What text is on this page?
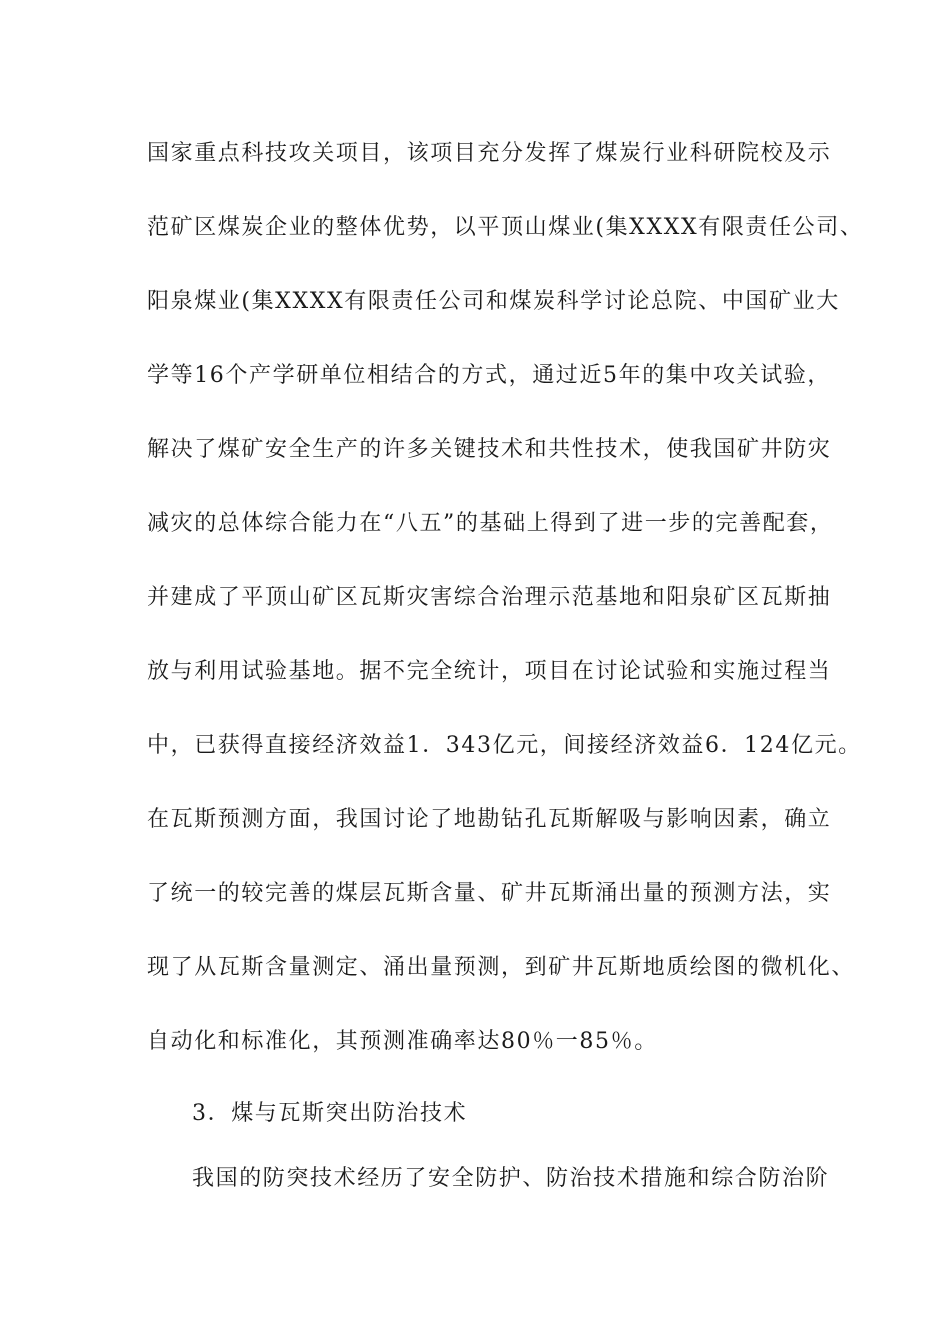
国家重点科技攻关项目，该项目充分发挥了煤炭行业科研院校及示
范矿区煤炭企业的整体优势，以平顶山煤业(集XXXX有限责任公司、
阳泉煤业(集XXXX有限责任公司和煤炭科学讨论总院、中国矿业大
学等16个产学研单位相结合的方式，通过近5年的集中攻关试验，
解决了煤矿安全生产的许多关键技术和共性技术，使我国矿井防灾
减灾的总体综合能力在“八五”的基础上得到了进一步的完善配套，
并建成了平顶山矿区瓦斯灾害综合治理示范基地和阳泉矿区瓦斯抽
放与利用试验基地。据不完全统计，项目在讨论试验和实施过程当
中，已获得直接经济效益1．343亿元，间接经济效益6．124亿元。
在瓦斯预测方面，我国讨论了地勘钻孔瓦斯解吸与影响因素，确立
了统一的较完善的煤层瓦斯含量、矿井瓦斯涌出量的预测方法，实
现了从瓦斯含量测定、涌出量预测，到矿井瓦斯地质绘图的微机化、
自动化和标准化，其预测准确率达80％一85％。
3．煤与瓦斯突出防治技术
我国的防突技术经历了安全防护、防治技术措施和综合防治阶
